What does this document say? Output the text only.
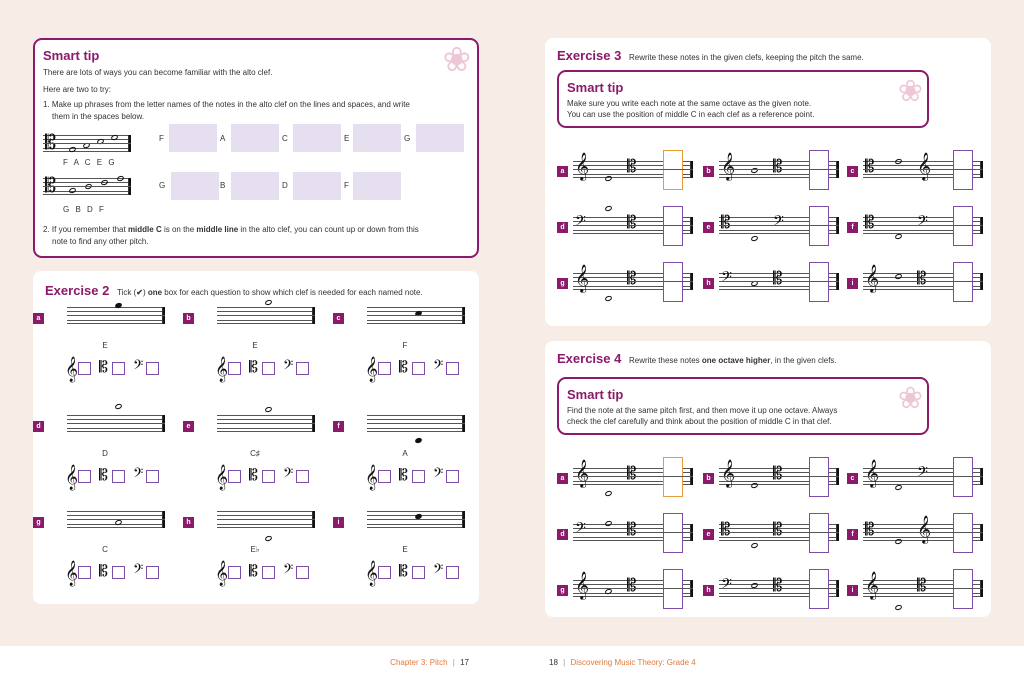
❀
Smart tip
There are lots of ways you can become familiar with the alto clef.
Here are two to try:
1. Make up phrases from the letter names of the notes in the alto clef on the lines and spaces, and write
them in the spaces below.
𝄡
F A C E G
F	A	C	E	G
𝄡
G B D F
G	B	D	F
2. If you remember that middle C is on the middle line in the alto clef, you can count up or down from this
note to find any other pitch.
Exercise 2 Tick (✔) one box for each question to show which clef is needed for each named note.
a
E
𝄞 𝄡 𝄢
b
E
𝄞 𝄡 𝄢
c
F
𝄞 𝄡 𝄢
d
D
𝄞 𝄡 𝄢
e
C♯
𝄞 𝄡 𝄢
f
A
𝄞 𝄡 𝄢
g
C
𝄞 𝄡 𝄢
h
E♭
𝄞 𝄡 𝄢
i
E
𝄞 𝄡 𝄢
Exercise 3 Rewrite these notes in the given clefs, keeping the pitch the same.
❀
Smart tip
Make sure you write each note at the same octave as the given note.
You can use the position of middle C in each clef as a reference point.
a 𝄞 𝄡	b 𝄞 𝄡	c 𝄡 𝄞
d 𝄢 𝄡	e 𝄡	𝄢	f 𝄡	𝄢
g 𝄞 𝄡	h 𝄢 𝄡	i 𝄞 𝄡
Exercise 4 Rewrite these notes one octave higher, in the given clefs.
❀
Smart tip
Find the note at the same pitch first, and then move it up one octave. Always
check the clef carefully and think about the position of middle C in that clef.
a 𝄞 𝄡	b 𝄞 𝄡	c 𝄞 𝄢
d 𝄢 𝄡	e 𝄡	𝄡	f 𝄡 𝄞
g 𝄞 𝄡	h 𝄢 𝄡	i 𝄞 𝄡
Chapter 3: Pitch | 17	18 | Discovering Music Theory: Grade 4
